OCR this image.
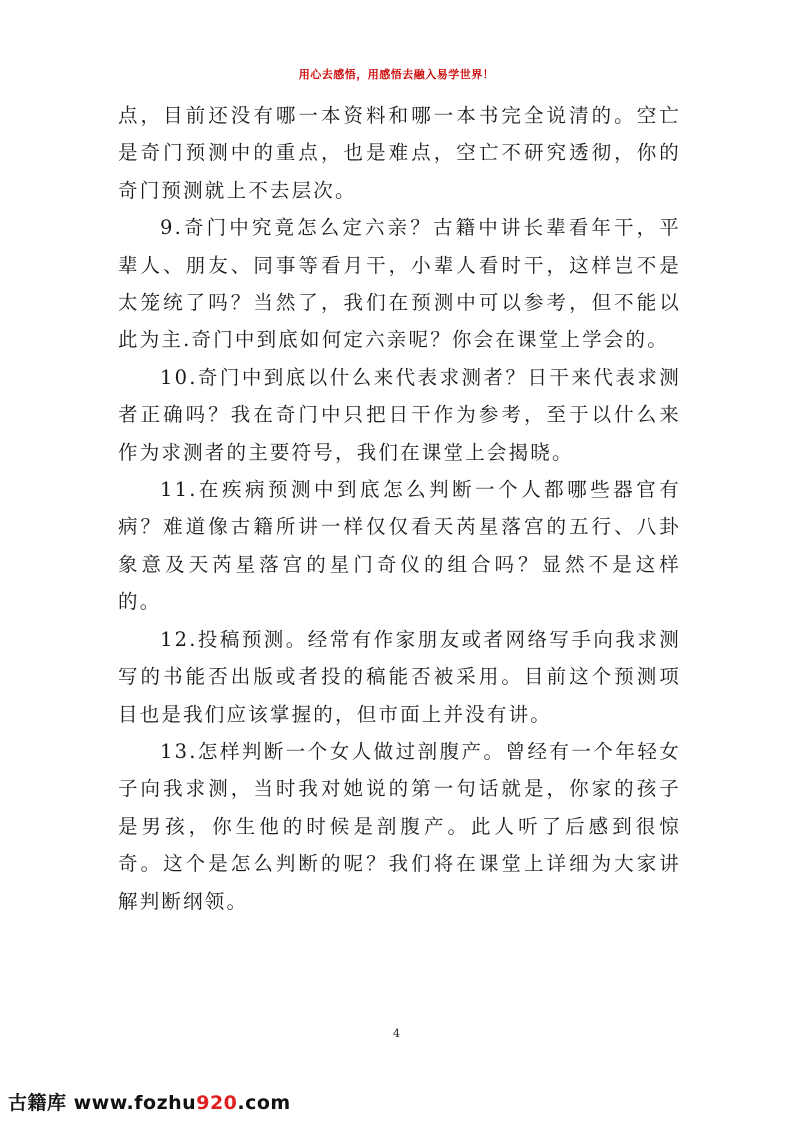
用心去感悟，用感悟去融入易学世界！

点，目前还没有哪一本资料和哪一本书完全说清的。空亡是奇门预测中的重点，也是难点，空亡不研究透彻，你的奇门预测就上不去层次。

9.奇门中究竟怎么定六亲？古籍中讲长辈看年干，平辈人、朋友、同事等看月干，小辈人看时干，这样岂不是太笼统了吗？当然了，我们在预测中可以参考，但不能以此为主.奇门中到底如何定六亲呢？你会在课堂上学会的。

10.奇门中到底以什么来代表求测者？日干来代表求测者正确吗？我在奇门中只把日干作为参考，至于以什么来作为求测者的主要符号，我们在课堂上会揭晓。

11.在疾病预测中到底怎么判断一个人都哪些器官有病？难道像古籍所讲一样仅仅看天芮星落宫的五行、八卦象意及天芮星落宫的星门奇仪的组合吗？显然不是这样的。

12.投稿预测。经常有作家朋友或者网络写手向我求测写的书能否出版或者投的稿能否被采用。目前这个预测项目也是我们应该掌握的，但市面上并没有讲。

13.怎样判断一个女人做过剖腹产。曾经有一个年轻女子向我求测，当时我对她说的第一句话就是，你家的孩子是男孩，你生他的时候是剖腹产。此人听了后感到很惊奇。这个是怎么判断的呢？我们将在课堂上详细为大家讲解判断纲领。

4
古籍库 www.fozhu920.com
